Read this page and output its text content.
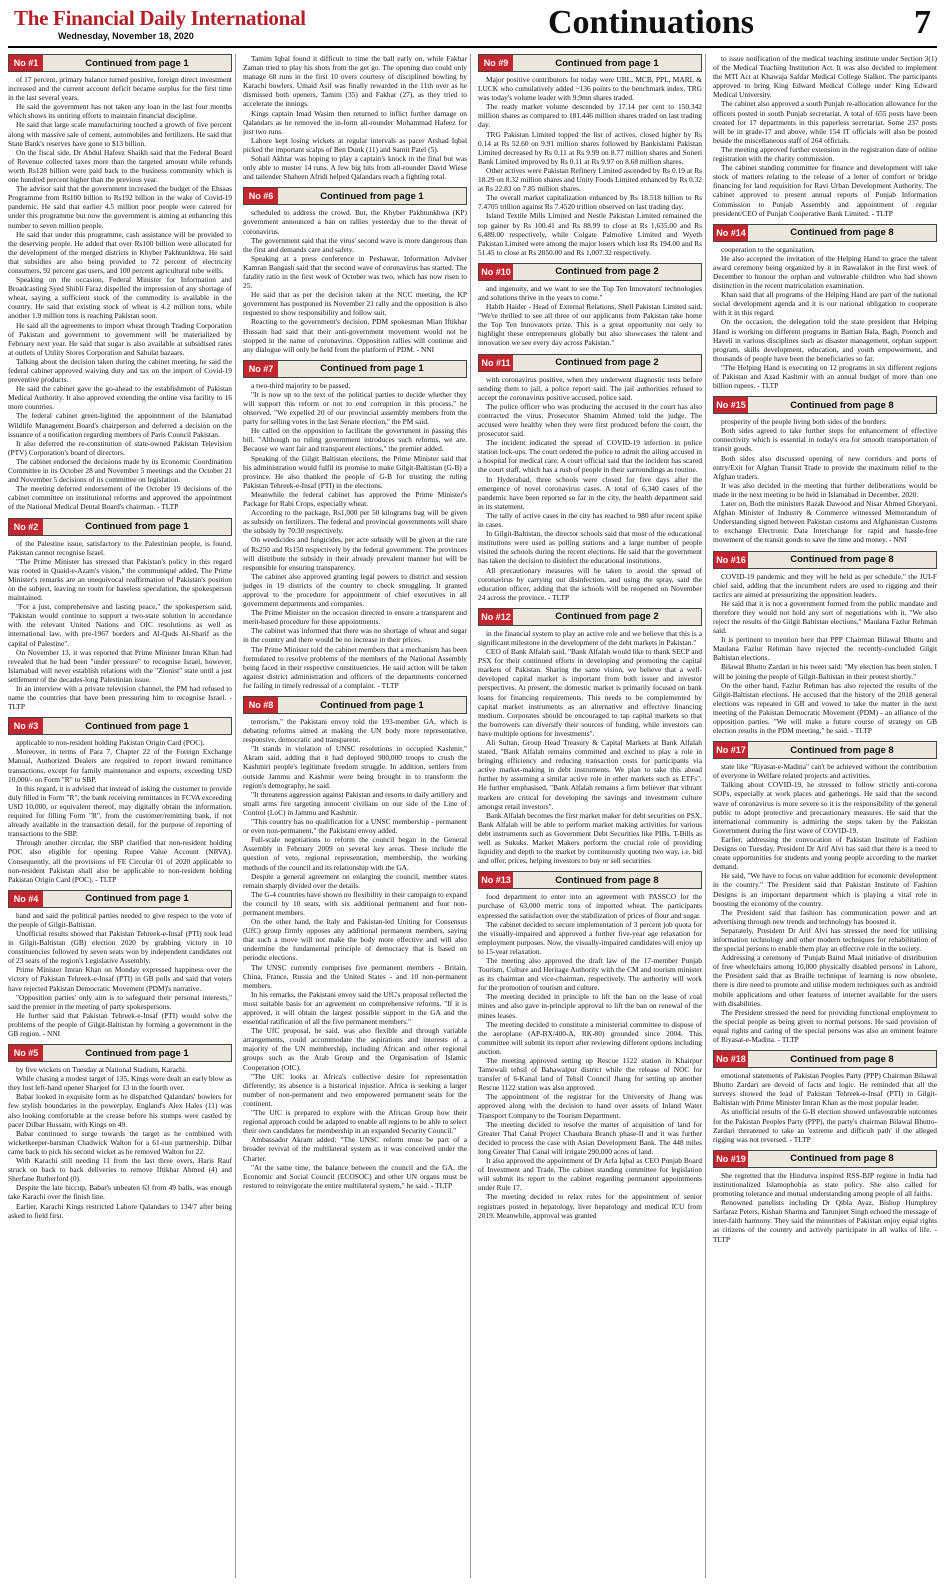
The Financial Daily International
Wednesday, November 18, 2020	Continuations	7
No #1	Continued from page 1

of 17 percent, primary balance turned positive, foreign direct investment increased and the current account deficit became surplus for the first time in the last several years.

He said the government has not taken any loan in the last four months which shows its untiring efforts to maintain financial discipline.

He said that large scale manufacturing touched a growth of five percent along with massive sale of cement, automobiles and fertilizers. He said that State Bank's reserves have gone to $13 billion.

On the fiscal side, Dr Abdul Hafeez Shaikh said that the Federal Board of Revenue collected taxes more than the targeted amount while refunds worth Rs128 billion were paid back to the business community which is one hundred percent higher than the previous year.

The advisor said that the government increased the budget of the Ehsaas Programme from Rs100 billion to Rs192 billion in the wake of Covid-19 pandemic. He said that earlier 4.5 million poor people were catered for under this programme but now the government is aiming at enhancing this number to seven million people.

He said that under this programme, cash assistance will be provided to the deserving people. He added that over Rs100 billion were allocated for the development of the merged districts in Khyber Pakhtunkhwa. He said that subsidies are also being provided to 72 percent of electricity consumers, 92 percent gas users, and 100 percent agricultural tube wells.

Speaking on the occasion, Federal Minister for Information and Broadcasting Syed Shibli Faraz dispelled the impression of any shortage of wheat, saying a sufficient stock of the commodity is available in the country. He said that existing stock of wheat is 4.2 million tons, while another 1.9 million tons is reaching Pakistan soon.

He said all the agreements to import wheat through Trading Corporation of Pakistan and government to government will be materialized by February next year. He said that sugar is also available at subsidised rates at outlets of Utility Stores Corporation and Sahulat bazaars.

Talking about the decision taken during the cabinet meeting, he said the federal cabinet approved waiving duty and tax on the import of Covid-19 preventive products.

He said the cabinet gave the go-ahead to the establishment of Pakistan Medical Authority. It also approved extending the online visa facility to 16 more countries.

The federal cabinet green-lighted the appointment of the Islamabad Wildlife Management Board's chairperson and deferred a decision on the issuance of a notification regarding members of Paris Council Pakistan.

It also deferred the re-constitution of state-owned Pakistan Television (PTV) Corporation's board of directors.

The cabinet endorsed the decisions made by its Economic Coordination Committee in its October 28 and November 5 meetings and the October 21 and November 5 decisions of its committee on legislation.

The meeting deferred endorsement of the October 19 decisions of the cabinet committee on institutional reforms and approved the appointment of the National Medical Dental Board's chairman. - TLTP

No #2	Continued from page 1

of the Palestine issue, satisfactory to the Palestinian people, is found, Pakistan cannot recognise Israel.

"The Prime Minister has stressed that Pakistan's policy in this regard was rooted in Quaid-e-Azam's vision," the communiqué added. The Prime Minister's remarks are an unequivocal reaffirmation of Pakistan's position on the subject, leaving no room for baseless speculation, the spokesperson maintained.

"For a just, comprehensive and lasting peace," the spokesperson said, "Pakistan would continue to support a two-state solution in accordance with the relevant United Nations and OIC resolutions as well as international law, with pre-1967 borders and Al-Quds Al-Sharif as the capital of Palestine".

On November 13, it was reported that Prime Minister Imran Khan had revealed that he had been "under pressure" to recognise Israel, however, Islamabad will never establish relations with the "Zionist" state until a just settlement of the decades-long Palestinian issue.

In an interview with a private television channel, the PM had refused to name the countries that have been pressuring him to recognise Israel. - TLTP

No #3	Continued from page 1

applicable to non-resident holding Pakistan Origin Card (POC).

Moreover, in terms of Para 7, Chapter 22 of the Foreign Exchange Manual, Authorized Dealers are required to report inward remittance transactions, except for family maintenance and exports, exceeding USD 10,000/- on Form "R" to SBP.

In this regard, it is advised that instead of asking the customer to provide duly filled in Form "R", the bank receiving remittances in FCVA exceeding USD 10,000, or equivalent thereof, may digitally obtain the information, required for filling Form "R", from the customer/remitting bank, if not already available in the transaction detail, for the purpose of reporting of transactions to the SBP.

Through another circular, the SBP clarified that non-resident holding POC also eligible for opening Rupee Value Account (NRVA). Consequently, all the provisions of FE Circular 01 of 2020 applicable to non-resident Pakistan shall also be applicable to non-resident holding Pakistan Origin Card (POC). - TLTP

No #4	Continued from page 1

hand and said the political parties needed to give respect to the vote of the people of Gilgit-Baltistan.

Unofficial results showed that Pakistan Tehreek-e-Insaf (PTI) took lead in Gilgit-Baltistan (GB) election 2020 by grabbing victory in 10 constituencies followed by seven seats won by independent candidates out of 23 seats of the region's Legislative Assembly.

Prime Minister Imran Khan on Monday expressed happiness over the victory of Pakistan Tehreek-e-Insaf (PTI) in GB polls and said that voters have rejected Pakistan Democratic Movement (PDM)'s narrative.

"Opposition parties' only aim is to safeguard their personal interests," said the premier in the meeting of party spokespersons.

He further said that Pakistan Tehreek-e-Insaf (PTI) would solve the problems of the people of Gilgit-Baltistan by forming a government in the GB region. - NNI

No #5	Continued from page 1

by five wickets on Tuesday at National Stadium, Karachi.

While chasing a modest target of 135, Kings were dealt an early blow as they lost left-hand opener Sharjeel for 13 in the fourth over.

Babar looked in exquisite form as he dispatched Qalandars' bowlers for few stylish boundaries in the powerplay. England's Alex Hales (11) was also looking comfortable at the crease before his stumps were castled by pacer Dilbar Hussain, with Kings on 49.

Babar continued to surge towards the target as he combined with wicketkeeper-batsman Chadwick Walton for a 61-run partnership. Dilbar came back to pick his second wicket as he removed Walton for 22.

With Karachi still needing 11 from the last three overs, Haris Rauf struck on back to back deliveries to remove Iftikhar Ahmed (4) and Sherfane Rutherford (0).

Despite the late hiccup, Babar's unbeaten 63 from 49 balls, was enough take Karachi over the finish line.

Earlier, Karachi Kings restricted Lahore Qalandars to 134/7 after being asked to field first.

Tamim Iqbal found it difficult to time the ball early on, while Fakhar Zaman tried to play his shots from the get go. The opening duo could only manage 68 runs in the first 10 overs courtesy of disciplined bowling by Karachi bowlers. Umaid Asif was finally rewarded in the 11th over as he dismissed both openers, Tamim (35) and Fakhar (27), as they tried to accelerate the innings.

Kings captain Imad Wasim then returned to inflict further damage on Qalandars as he removed the in-form all-rounder Mohammad Hafeez for just two runs.

Lahore kept losing wickets at regular intervals as pacer Arshad Iqbal picked the important scalps of Ben Dunk (11) and Samit Patel (5).

Sohail Akhtar was hoping to play a captain's knock in the final but was only able to muster 14 runs. A few big hits from all-rounder David Wiese and tailender Shaheen Afridi helped Qalandars reach a fighting total.

No #6	Continued from page 1

scheduled to address the crowd. But, the Khyber Pakhtunkhwa (KP) government announced a ban on rallies yesterday due to the threat of coronavirus.

The government said that the virus' second wave is more dangerous than the first and demands care and safety.

Speaking at a press conference in Peshawar, Information Adviser Kamran Bangash said that the second wave of coronavirus has started. The fatality ratio in the first week of October was two, which has now risen to 25.

He said that as per the decision taken at the NCC meeting, the KP government has postponed its November 21 rally and the opposition is also requested to show responsibility and follow suit.

Reacting to the government's decision, PDM spokesman Mian Iftikhar Hussain had said that their anti-government movement would not be stopped in the name of coronavirus. Opposition rallies will continue and any dialogue will only be held from the platform of PDM. - NNI

No #7	Continued from page 1

a two-third majority to be passed.

"It is now up to the text of the political parties to decide whether they will support this reform or not to end corruption in this process," he observed. "We expelled 20 of our provincial assembly members from the party for selling votes in the last Senate election," the PM said.

He called on the opposition to facilitate the government in passing this bill. "Although no ruling government introduces such reforms, we are. Because we want fair and transparent elections," the premier added.

Speaking of the Gilgit Baltistan elections, the Prime Minister said that his administration would fulfil its promise to make Gilgit-Baltistan (G-B) a province. He also thanked the people of G-B for trusting the ruling Pakistan Tehreek-e-Insaf (PTI) in the elections.

Meanwhile the federal cabinet has approved the Prime Minister's Package for Rabi Crops, especially wheat.

According to the package, Rs1,000 per 50 kilograms bag will be given as subsidy on fertilizers. The federal and provincial governments will share the subsidy by 70:30 respectively.

On weedicides and fungicides, per acre subsidy will be given at the rate of Rs250 and Rs150 respectively by the federal government. The provinces will distribute the subsidy in their already prevalent manner but will be responsible for ensuring transparency.

The cabinet also approved granting legal powers to district and session judges in 19 districts of the country to check smuggling. It granted approval to the procedure for appointment of chief executives in all government departments and companies.

The Prime Minister on the occasion directed to ensure a transparent and merit-based procedure for these appointments.

The cabinet was informed that there was no shortage of wheat and sugar in the country and there would be no increase in their prices.

The Prime Minister told the cabinet members that a mechanism has been formulated to resolve problems of the members of the National Assembly being faced in their respective constituencies. He said action will be taken against district administration and officers of the departments concerned for failing in timely redressal of a complaint. - TLTP

No #8	Continued from page 1

terrorism," the Pakistani envoy told the 193-member GA, which is debating reforms aimed at making the UN body more representative, responsive, democratic and transparent.

"It stands in violation of UNSC resolutions in occupied Kashmir," Akram said, adding that it had deployed 900,000 troops to crush the Kashmiri people's legitimate freedom struggle. In addition, settlers from outside Jammu and Kashmir were being brought in to transform the region's demography, he said.

"It threatens aggression against Pakistan and resorts to daily artillery and small arms fire targeting innocent civilians on our side of the Line of Control (LoC) in Jammu and Kashmir.

"This country has no qualification for a UNSC membership - permanent or even non-permanent," the Pakistani envoy added.

Full-scale negotiations to reform the council began in the General Assembly in February 2009 on several key areas. These include the question of veto, regional representation, membership, the working methods of the council and its relationship with the GA.

Despite a general agreement on enlarging the council, member states remain sharply divided over the details.

The G-4 countries have shown no flexibility in their campaign to expand the council by 10 seats, with six additional permanent and four non-permanent members.

On the other hand, the Italy and Pakistan-led Uniting for Consensus (UfC) group firmly opposes any additional permanent members, saying that such a move will not make the body more effective and will also undermine the fundamental principle of democracy that is based on periodic elections.

The UNSC currently comprises five permanent members - Britain, China, France, Russia and the United States - and 10 non-permanent members.

In his remarks, the Pakistani envoy said the UfC's proposal reflected the most suitable basis for an agreement on comprehensive reforms. "If it is approved, it will obtain the largest possible support in the GA and the essential ratification of all the five permanent members."

The UfC proposal, he said, was also flexible and through variable arrangements, could accommodate the aspirations and interests of a majority of the UN membership, including African and other regional groups such as the Arab Group and the Organisation of Islamic Cooperation (OIC).

"The UfC looks at Africa's collective desire for representation differently; its absence is a historical injustice. Africa is seeking a larger number of non-permanent and two empowered permanent seats for the continent.

"The UfC is prepared to explore with the African Group how their regional approach could be adapted to enable all regions to be able to select their own candidates for membership in an expanded Security Council."

Ambassador Akram added: "The UNSC reform must be part of a broader revival of the multilateral system as it was conceived under the Charter.

"At the same time, the balance between the council and the GA, the Economic and Social Council (ECOSOC) and other UN organs must be restored to reinvigorate the entire multilateral system," he said. - TLTP

No #9	Continued from page 1

Major positive contributors for today were UBL, MCB, PPL, MARI, & LUCK who cumulatively added ~136 points to the benchmark index. TRG was today's volume leader with 9.9mn shares traded.

The ready market volume descended by 17.14 per cent to 150.342 million shares as compared to 181.446 million shares traded on last trading day.

TRG Pakistan Limited topped the list of actives, closed higher by Rs 0.14 at Rs 52.60 on 9.91 million shares followed by Bankislami Pakistan Limited decreased by Rs 0.11 at Rs 9.99 on 8.77 million shares and Soneri Bank Limited improved by Rs 0.11 at Rs 9.97 on 8.68 million shares.

Other actives were Pakistan Refinery Limited ascended by Rs 0.19 at Rs 18.29 on 8.32 million shares and Unity Foods Limited enhanced by Rs 0.32 at Rs 22.83 on 7.85 million shares.

The overall market capitalization enhanced by Rs 18.518 billion to Rs 7.4705 trillion against Rs 7.4520 trillion observed on last trading day.

Island Textile Mills Limited and Nestle Pakistan Limited remained the top gainer by Rs 100.41 and Rs 88.99 to close at Rs 1,635.00 and Rs 6,489.00 respectively, while Colgate Palmolive Limited and Wyeth Pakistan Limited were among the major losers which lost Rs 194.00 and Rs 51.45 to close at Rs 2850.00 and Rs 1,007.32 respectively.

No #10	Continued from page 2

and ingenuity, and we want to see the Top Ten Innovators' technologies and solutions thrive in the years to come."

Habib Haider - Head of External Relations, Shell Pakistan Limited said, "We're thrilled to see all three of our applicants from Pakistan take home the Top Ten Innovators prize. This is a great opportunity not only to highlight these entrepreneurs globally but also showcases the talent and innovation we see every day across Pakistan."

No #11	Continued from page 2

with coronavirus positive, when they underwent diagnostic tests before sending them to jail, a police report said. The jail authorities refused to accept the coronavirus positive accused, police said.

The police officer who was producing the accused in the court has also contracted the virus, Prosecutor Shamim Ahmed told the judge. The accused were healthy when they were first produced before the court, the prosecutor said.

The incident indicated the spread of COVID-19 infection in police station lock-ups. The court ordered the police to admit the ailing accused in a hospital for medical care. A court official said that the incident has scared the court staff, which has a rush of people in their surroundings as routine.

In Hyderabad, three schools were closed for five days after the emergence of novel coronavirus cases. A total of 6,340 cases of the pandemic have been reported so far in the city, the health department said in its statement.

The tally of active cases in the city has reached to 980 after recent spike in cases.

In Gilgit-Baltistan, the director schools said that most of the educational institutions were used as polling stations and a large number of people visited the schools during the recent elections. He said that the government has taken the decision to disinfect the educational institutions.

All precautionary measures will be taken to avoid the spread of coronavirus by carrying out disinfection, and using the spray, said the education officer, adding that the schools will be reopened on November 24 across the province. - TLTP

No #12	Continued from page 2

in the financial system to play an active role and we believe that this is a significant milestone in the development of the debt markets in Pakistan."

CEO of Bank Alfalah said, "Bank Alfalah would like to thank SECP and PSX for their continued efforts in developing and promoting the capital markets of Pakistan. Sharing the same vision, we believe that a well-developed capital market is important from both issuer and investor perspectives. At present, the domestic market is primarily focused on bank loans for financing requirements. This needs to be complemented by capital market instruments as an alternative and effective financing medium. Corporates should be encouraged to tap capital markets so that the borrowers can diversify their sources of funding, while investors can have multiple options for investments".

Ali Sultan, Group Head Treasury & Capital Markets at Bank Alfalah stated, "Bank Alfalah remains committed and excited to play a role in bringing efficiency and reducing transaction costs for participants via active market-making in debt instruments. We plan to take this ahead further by assuming a similar active role in other markets such as ETFs". He further emphasised, "Bank Alfalah remains a firm believer that vibrant markets are critical for developing the savings and investment culture amongst retail investors".

Bank Alfalah becomes the first market maker for debt securities on PSX. Bank Alfalah will be able to perform market making activities for various debt instruments such as Government Debt Securities like PIBs, T-Bills as well as Sukuks. Market Makers perform the crucial role of providing liquidity and depth to the market by continuously quoting two way, i.e. bid and offer, prices, helping investors to buy or sell securities

No #13	Continued from page 8

food department to enter into an agreement with PASSCO for the purchase of 63,000 metric tons of imported wheat. The participants expressed the satisfaction over the stabilization of prices of flour and sugar.

The cabinet decided to secure implementation of 3 percent job quota for the visually-impaired and approved a further five-year age relaxation for employment purposes. Now, the visually-impaired candidates will enjoy up to 15-year relaxation.

The meeting also approved the draft law of the 17-member Punjab Tourism, Culture and Heritage Authority with the CM and tourism minister as its chairman and vice-chairman, respectively. The authority will work for the promotion of tourism and culture.

The meeting decided in principle to lift the ban on the lease of coal mines and also gave in-principle approval to lift the ban on renewal of the mines leases.

The meeting decided to constitute a ministerial committee to dispose of the aeroplane (AP-BX/400-A, RK-80) grounded since 2004. This committee will submit its report after reviewing different options including auction.

The meeting approved setting up Rescue 1122 station in Khairpur Tamewali tehsil of Bahawalpur district while the release of NOC for transfer of 6-Kanal land of Tehsil Council Jhang for setting up another Rescue 1122 station was also approved.

The appointment of the registrar for the University of Jhang was approved along with the decision to hand over assets of Inland Water Transport Company to the Tourism Department.

The meeting decided to resolve the matter of acquisition of land for Greater Thal Canal Project Chaubara Branch phase-II and it was further decided to process the case with Asian Development Bank. The 448 miles long Greater Thal Canal will irrigate 290,000 acres of land.

It also approved the appointment of Dr Arfa Iqbal as CEO Punjab Board of Investment and Trade. The cabinet standing committee for legislation will submit its report to the cabinet regarding permanent appointments under Rule 17.

The meeting decided to relax rules for the appointment of senior registrars posted in hepatology, liver hepatology and medical ICU from 2019. Meanwhile, approval was granted

to issue notification of the medical teaching institute under Section 3(1) of the Medical Teaching Institution Act. It was also decided to implement the MTI Act at Khawaja Safdar Medical College Sialkot. The participants approved to bring King Edward Medical College under King Edward Medical University.

The cabinet also approved a south Punjab re-allocation allowance for the officers posted in south Punjab secretariat. A total of 655 posts have been created for 17 departments in this paperless secretariat. Some 237 posts will be in grade-17 and above, while 154 IT officials will also be posted beside the miscellaneous staff of 264 officials.

The meeting approved further extension in the registration date of online registration with the charity commission.

The cabinet standing committee for finance and development will take stock of matters relating to the release of a letter of comfort or bridge financing for land requisition for Ravi Urban Development Authority. The cabinet approved to present annual reports of Punjab Information Commission to Punjab Assembly and appointment of regular president/CEO of Punjab Cooperative Bank Limited. - TLTP

No #14	Continued from page 8

cooperation to the organization.

He also accepted the invitation of the Helping Hand to grace the talent award ceremony being organized by it in Rawalakot in the first week of December to honour the orphan and vulnerable children who had shown distinction in the recent matriculation examination.

Khan said that all programs of the Helping Hand are part of the national social development agenda and it is our national obligation to cooperate with it in this regard.

On the occasion, the delegation told the state president that Helping Hand is working on different programs in Battian Bala, Bagh, Poonch and Haveli in various disciplines such as disaster management, orphan support program, skills development, education, and youth empowerment, and thousands of people have been the beneficiaries so far.

"The Helping Hand is executing on 12 programs in six different regions of Pakistan and Azad Kashmir with an annual budget of more than one billion rupees. - TLTP

No #15	Continued from page 8

prosperity of the people living both sides of the borders.

Both sides agreed to take further steps for enhancement of effective connectivity which is essential in today's era for smooth transportation of transit goods.

Both sides also discussed opening of new corridors and ports of entry/Exit for Afghan Transit Trade to provide the maximum relief to the Afghan traders.

It was also decided in the meeting that further deliberations would be made in the next meeting to be held in Islamabad in December, 2020.

Later on, Both the ministers Razak Dawood and Nisar Ahmed Ghoryani, Afghan Minister of Industry & Commerce witnessed Memorandum of Understanding signed between Pakistan customs and Afghanistan Customs to exchange Electronic Data Interchange for rapid and hassle-free movement of the transit goods to save the time and money. - NNI

No #16	Continued from page 8

COVID-19 pandemic and they will be held as per schedule," the JUI-F chief said, adding that the incumbent rulers are used to rigging and their tactics are aimed at pressurizing the opposition leaders.

He said that it is not a government formed from the public mandate and therefore they would not hold any sort of negotiations with it. "We also reject the results of the Gilgit Baltistan elections," Maulana Fazlur Rehman said.

It is pertinent to mention here that PPP Chairman Bilawal Bhutto and Maulana Fazlur Rehman have rejected the recently-concluded Gilgit Baltistan elections.

Bilawal Bhutto Zardari in his tweet said: "My election has been stolen. I will be joining the people of Gilgit-Baltistan in their protest shortly."

On the other hand, Fazlur Rehman has also rejected the results of the Gilgit-Baltistan elections. He accused that the history of the 2018 general elections was repeated in GB and vowed to take the matter in the next meeting of the Pakistan Democratic Movement (PDM) - an alliance of the opposition parties. "We will make a future course of strategy on GB election results in the PDM meeting," he said. - TLTP

No #17	Continued from page 8

state like "Riyasat-e-Madina" can't be achieved without the contribution of everyone in Welfare related projects and activities.

Talking about COVID-19, he stressed to follow strictly anti-corona SOPs, especially at work places and gatherings. He said that the second wave of coronavirus is more severe so it is the responsibility of the general public to adopt protective and precautionary measures. He said that the international community is admiring the steps taken by the Pakistan Government during the first wave of COVID-19.

Earlier, addressing the convocation of Pakistan Institute of Fashion Designs on Tuesday, President Dr Arif Alvi has said that there is a need to create opportunities for students and young people according to the market demand.

He said, "We have to focus on value addition for economic development in the country." The President said that Pakistan Institute of Fashion Designs is an important department which is playing a vital role in boosting the economy of the country.

The President said that fashion has communication power and art advertising through new trends and technology has boosted it.

Separately, President Dr Arif Alvi has stressed the need for utilising information technology and other modern techniques for rehabilitation of the special persons to enable them play an effective role in the society.

Addressing a ceremony of 'Punjab Baitul Maal initiative of distribution of free wheelchairs among 10,000 physically disabled persons' in Lahore, the President said that as Braille technique of learning is now obsolete, there is dire need to promote and utilise modern techniques such as android mobile applications and other features of internet available for the users with disabilities.

The President stressed the need for providing functional employment to the special people as being given to normal persons. He said provision of equal rights and caring of the special persons was also an eminent feature of Riyasat-e-Madina. - TLTP

No #18	Continued from page 8

emotional statements of Pakistan Peoples Party (PPP) Chairman Bilawal Bhutto Zardari are devoid of facts and logic. He reminded that all the surveys showed the lead of Pakistan Tehreek-e-Insaf (PTI) in Gilgit-Baltistan with Prime Minister Imran Khan as the most popular leader.

As unofficial results of the G-B election showed unfavourable outcomes for the Pakistan Peoples Party (PPP), the party's chairman Bilawal Bhutto-Zardari threatened to take an 'extreme and difficult path' if the alleged rigging was not reversed. - TLTP

No #19	Continued from page 8

She regretted that the Hindutva inspired RSS-BJP regime in India had institutionalized Islamophobia as state policy. She also called for promoting tolerance and mutual understanding among people of all faiths.

Renowned panelists including Dr Qibla Ayaz, Bishop Humphrey Sarfaraz Peters, Kishan Sharma and Tarunjeet Singh echoed the message of inter-faith harmony. They said the minorities of Pakistan enjoy equal rights as citizens of the country and actively participate in all walks of life. - TLTP
